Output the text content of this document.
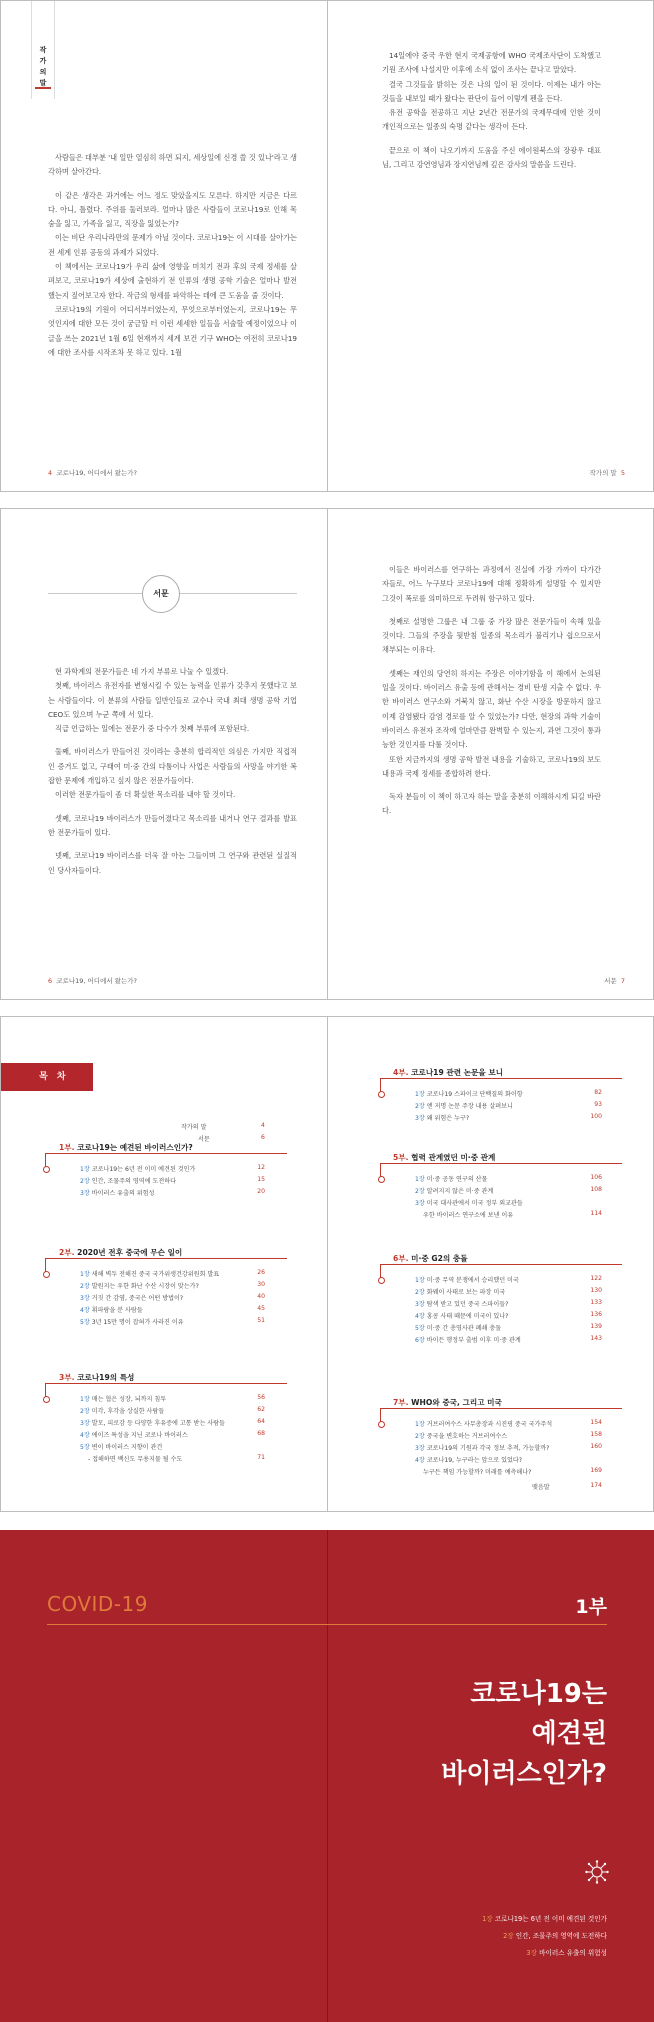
작
가
의
말

사람들은 대부분 '내 일만 열심히 하면 되지, 세상일에 신경 쓸 것 있나'라고 생각하며 살아간다.

이 같은 생각은 과거에는 어느 정도 맞았을지도 모른다. 하지만 지금은 다르다. 아니, 틀렸다. 주위를 둘러보라. 얼마나 많은 사람들이 코로나19로 인해 목숨을 잃고, 가족을 잃고, 직장을 잃었는가?

이는 비단 우리나라만의 문제가 아닐 것이다. 코로나19는 이 시대를 살아가는 전 세계 인류 공동의 과제가 되었다.

이 책에서는 코로나19가 우리 삶에 영향을 미치기 전과 후의 국제 정세를 살펴보고, 코로나19가 세상에 출현하기 전 인류의 생명 공학 기술은 얼마나 발전했는지 짚어보고자 한다. 작금의 형세를 파악하는 데에 큰 도움을 줄 것이다.

코로나19의 기원이 어디서부터였는지, 무엇으로부터였는지, 코로나19는 무엇인지에 대한 모든 것이 궁금할 터 이런 세세한 일들을 서술할 예정이었으나 이 글을 쓰는 2021년 1월 6일 현재까지 세계 보건 기구 WHO는 여전히 코로나19에 대한 조사를 시작조차 못 하고 있다. 1월

4 코로나19, 어디에서 왔는가?

14일에야 중국 우한 현지 국제공항에 WHO 국제조사단이 도착했고 기원 조사에 나설지만 이후에 소식 없이 조사는 끝나고 말았다.

결국 그것들을 밝히는 것은 나의 일이 된 것이다. 이제는 내가 아는 것들을 내보일 때가 왔다는 판단이 들어 이렇게 펜을 든다.

유전 공학을 전공하고 지난 2년간 전문가의 국제무대에 인한 것이 개인적으로는 일종의 숙명 같다는 생각이 든다.

끝으로 이 책이 나오기까지 도움을 주신 에이원북스의 장광우 대표님, 그리고 강연영님과 장지연님께 깊은 감사의 말씀을 드린다.

작가의 말 5
서문

현 과학계의 전문가들은 네 가지 부류로 나눌 수 있겠다.

첫째, 바이러스 유전자를 변형시킬 수 있는 능력을 인류가 갖추지 못했다고 보는 사람들이다. 이 분류의 사람들 일반인들로 교수나 국내 최대 생명 공학 기업 CEO도 있으며 누군 쪽에 서 있다.

직급 언급하는 일에는 전문가 중 다수가 첫째 부류에 포함된다.

둘째, 바이러스가 만들어진 것이라는 충분히 합리적인 의심은 가지만 직접적인 증거도 없고, 구태여 미·중 간의 다툼이나 사업은 사람들의 사망을 야기한 복잡한 문제에 개입하고 싶지 않은 전문가들이다.

이러한 전문가들이 좀 더 확실한 목소리를 내야 할 것이다.

셋째, 코로나19 바이러스가 만들어졌다고 목소리를 내거나 연구 결과를 발표한 전문가들이 있다.

넷째, 코로나19 바이러스를 더욱 잘 아는 그들이며 그 연구와 관련된 실질적인 당사자들이다.

6 코로나19, 어디에서 왔는가?

이들은 바이러스를 연구하는 과정에서 진실에 가장 가까이 다가간 자들로, 어느 누구보다 코로나19에 대해 정확하게 설명할 수 있지만 그것이 폭로를 의미하므로 두려워 함구하고 있다.

첫째로 설명한 그룹은 내 그룹 중 가장 많은 전문가들이 속해 있을 것이다. 그들의 주장을 뒷받침 일종의 목소리가 불리기나 쉽으므로서 채부되는 이유다.

셋째는 재인의 당연히 하지는 주장은 이야기함을 이 해에서 논의된 일을 것이다. 바이러스 유출 등에 관해서는 경비 탄생 지출 수 없다. 우한 바이러스 연구소와 거북치 않고, 화난 수산 시장을 방문하지 않고 이제 감염됐다 감염 경로를 알 수 있었는가? 다만, 현장의 과학 기술이 바이러스 유전자 조작에 얼마만큼 완벽할 수 있는지, 과연 그것이 통과능한 것인지를 다룰 것이다.

또한 지금까지의 생명 공학 발전 내용을 기술하고, 코로나19의 보도 내용과 국제 정세를 종합하려 한다.

독자 분들이 이 책이 하고자 하는 말을 충분히 이해하시게 되길 바란다.

서문 7
목 차
작가의 말	4
서문	6
1부. 코로나19는 예견된 바이러스인가?
1장 코로나19는 6년 전 이미 예견된 것인가	12
2장 인간, 조물주의 영역에 도전하다	15
3장 바이러스 유출의 위험성	20
2부. 2020년 전후 중국에 무슨 일이
1장 새해 벽두 전해진 중국 국가위생건강위원회 발표	26
2장 발원지는 우한 화난 수산 시장이 맞는가?	30
3장 거짓 간 감염, 중국은 어떤 방법이?	40
4장 휘파람을 분 사람들	45
5장 3년 15만 명이 잡혀가 사라진 이유	51
3부. 코로나19의 특성
1장 매는 협은 성장, 뇌까지 침투	56
2장 미각, 후각을 상실한 사람들	62
3장 발모, 피로감 등 다양한 후유증에 고통 받는 사람들	64
4장 에이즈 특성을 지닌 코로나 바이러스	68
5장 변이 바이러스 지향이 관건
- 접해하면 백신도 무용지물 될 수도	71
4부. 코로나19 관련 논문을 보니
1장 코로나19 스파이크 단백질의 화이항	82
2장 엔 저명 논문 주장 내용 살펴보니	93
3장 왜 위험은 누구?	100
5부. 협력 관계였던 미·중 관계
1장 미·중 공동 연구의 산물	106
2장 알려지지 않은 미·중 관계	108
3장 미국 대사관에서 미국 정부 외교관들
우한 바이러스 연구소에 보낸 이유	114
6부. 미·중 G2의 충돌
1장 미·중 무역 분쟁에서 승리했던 미국	122
2장 화웨이 사태로 보는 파장 미국	130
3장 탐색 받고 있던 중국 스파이들?	133
4장 홍콩 사태 때문에 미국이 있나?	136
5장 미·중 간 총영사관 폐쇄 충돌	139
6장 바이든 행정부 출범 이후 미·중 관계	143
7부. WHO와 중국, 그리고 미국
1장 거브러여수스 사무총장과 시진핑 중국 국가주석	154
2장 중국을 변호하는 거브러여수스	158
3장 코로나19의 기원과 각국 정보 추적, 가능할까?	160
4장 코로나19, 누구라는 앞으로 있었다?
누구든 책임 가능할까? 미래를 예측해나?	169
맺음말	174
COVID-19	1부
코로나19는
예견된
바이러스인가?
1장 코로나19는 6년 전 이미 예견된 것인가
2장 인간, 조물주의 영역에 도전하다
3장 바이러스 유출의 위험성
